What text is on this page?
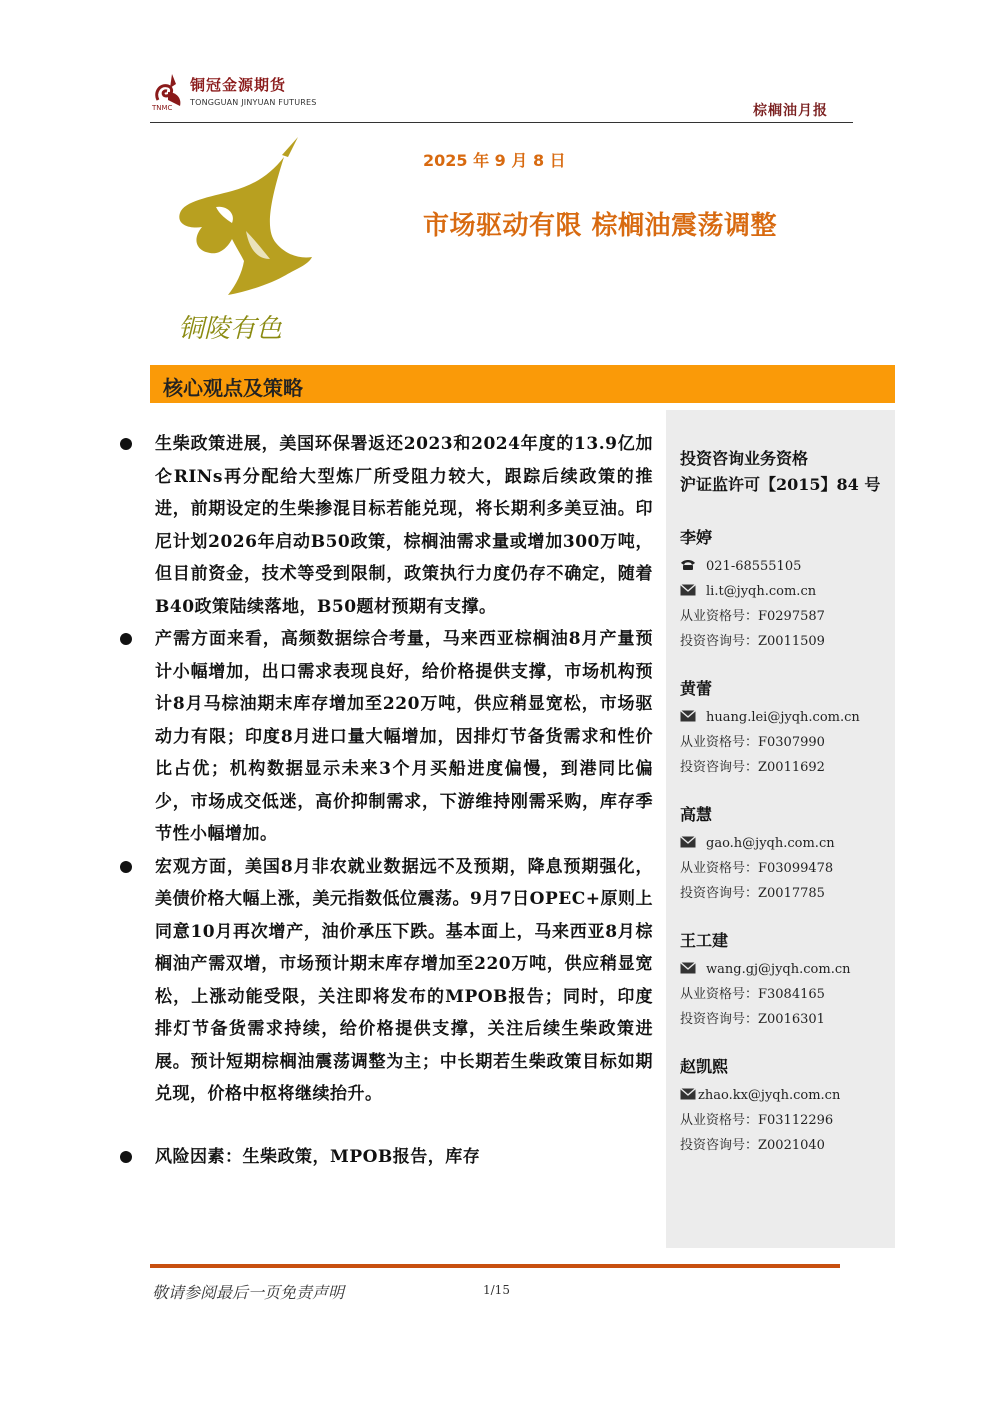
铜冠金源期货
TONGGUAN JINYUAN FUTURES
TNMC	棕榈油月报
铜陵有色
2025 年 9 月 8 日
市场驱动有限 棕榈油震荡调整
核心观点及策略
生柴政策进展，美国环保署返还2023和2024年度的13.9亿加仑RINs再分配给大型炼厂所受阻力较大，跟踪后续政策的推进，前期设定的生柴掺混目标若能兑现，将长期利多美豆油。印尼计划2026年启动B50政策，棕榈油需求量或增加300万吨，但目前资金，技术等受到限制，政策执行力度仍存不确定，随着B40政策陆续落地，B50题材预期有支撑。
产需方面来看，高频数据综合考量，马来西亚棕榈油8月产量预计小幅增加，出口需求表现良好，给价格提供支撑，市场机构预计8月马棕油期末库存增加至220万吨，供应稍显宽松，市场驱动力有限；印度8月进口量大幅增加，因排灯节备货需求和性价比占优；机构数据显示未来3个月买船进度偏慢，到港同比偏少，市场成交低迷，高价抑制需求，下游维持刚需采购，库存季节性小幅增加。
宏观方面，美国8月非农就业数据远不及预期，降息预期强化，美债价格大幅上涨，美元指数低位震荡。9月7日OPEC+原则上同意10月再次增产，油价承压下跌。基本面上，马来西亚8月棕榈油产需双增，市场预计期末库存增加至220万吨，供应稍显宽松，上涨动能受限，关注即将发布的MPOB报告；同时，印度排灯节备货需求持续，给价格提供支撑，关注后续生柴政策进展。预计短期棕榈油震荡调整为主；中长期若生柴政策目标如期兑现，价格中枢将继续抬升。
风险因素：生柴政策，MPOB报告，库存
投资咨询业务资格
沪证监许可【2015】84 号
李婷
021-68555105
li.t@jyqh.com.cn
从业资格号：F0297587
投资咨询号：Z0011509
黄蕾
huang.lei@jyqh.com.cn
从业资格号：F0307990
投资咨询号：Z0011692
高慧
gao.h@jyqh.com.cn
从业资格号：F03099478
投资咨询号：Z0017785
王工建
wang.gj@jyqh.com.cn
从业资格号：F3084165
投资咨询号：Z0016301
赵凯熙
zhao.kx@jyqh.com.cn
从业资格号：F03112296
投资咨询号：Z0021040
敬请参阅最后一页免责声明	1/15
